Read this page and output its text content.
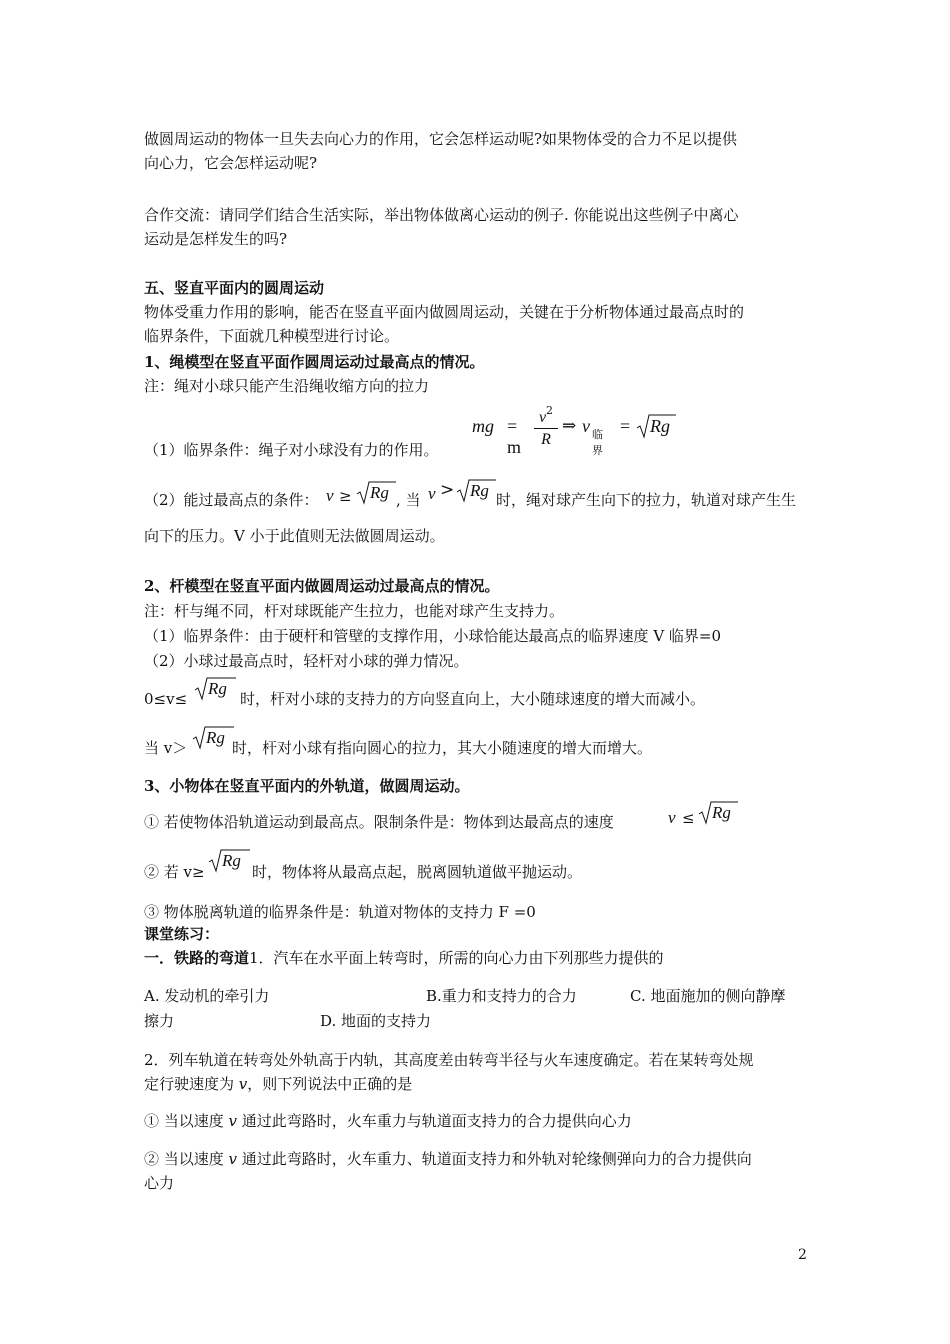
做圆周运动的物体一旦失去向心力的作用，它会怎样运动呢?如果物体受的合力不足以提供
向心力，它会怎样运动呢?
合作交流：请同学们结合生活实际，举出物体做离心运动的例子. 你能说出这些例子中离心
运动是怎样发生的吗?
五、竖直平面内的圆周运动
物体受重力作用的影响，能否在竖直平面内做圆周运动，关键在于分析物体通过最高点时的
临界条件，下面就几种模型进行讨论。
1、绳模型在竖直平面作圆周运动过最高点的情况。
注：绳对小球只能产生沿绳收缩方向的拉力
（1）临界条件：绳子对小球没有力的作用。
mg = m
$v^2$
R
⇒ v 临界
= Rg
（2）能过最高点的条件： v ≥ Rg , 当 v > Rg 时，绳对球产生向下的拉力，轨道对球产生生
向下的压力。V 小于此值则无法做圆周运动。
2、杆模型在竖直平面内做圆周运动过最高点的情况。
注：杆与绳不同，杆对球既能产生拉力，也能对球产生支持力。
（1）临界条件：由于硬杆和管壁的支撑作用，小球恰能达最高点的临界速度 V 临界=0
（2）小球过最高点时，轻杆对小球的弹力情况。
0≤v≤
Rg
时，杆对小球的支持力的方向竖直向上，大小随球速度的增大而减小。
当 v＞
Rg
时，杆对小球有指向圆心的拉力，其大小随速度的增大而增大。
3、小物体在竖直平面内的外轨道，做圆周运动。
① 若使物体沿轨道运动到最高点。限制条件是：物体到达最高点的速度	v ≤ Rg
② 若 v≥
Rg
时，物体将从最高点起，脱离圆轨道做平抛运动。
③ 物体脱离轨道的临界条件是：轨道对物体的支持力 F =0
课堂练习：
一．铁路的弯道1．汽车在水平面上转弯时，所需的向心力由下列那些力提供的
A. 发动机的牵引力	B.重力和支持力的合力	C. 地面施加的侧向静摩
擦力	D. 地面的支持力
2．列车轨道在转弯处外轨高于内轨，其高度差由转弯半径与火车速度确定。若在某转弯处规
定行驶速度为 v，则下列说法中正确的是
① 当以速度 v 通过此弯路时，火车重力与轨道面支持力的合力提供向心力
② 当以速度 v 通过此弯路时，火车重力、轨道面支持力和外轨对轮缘侧弹向力的合力提供向
心力
2
